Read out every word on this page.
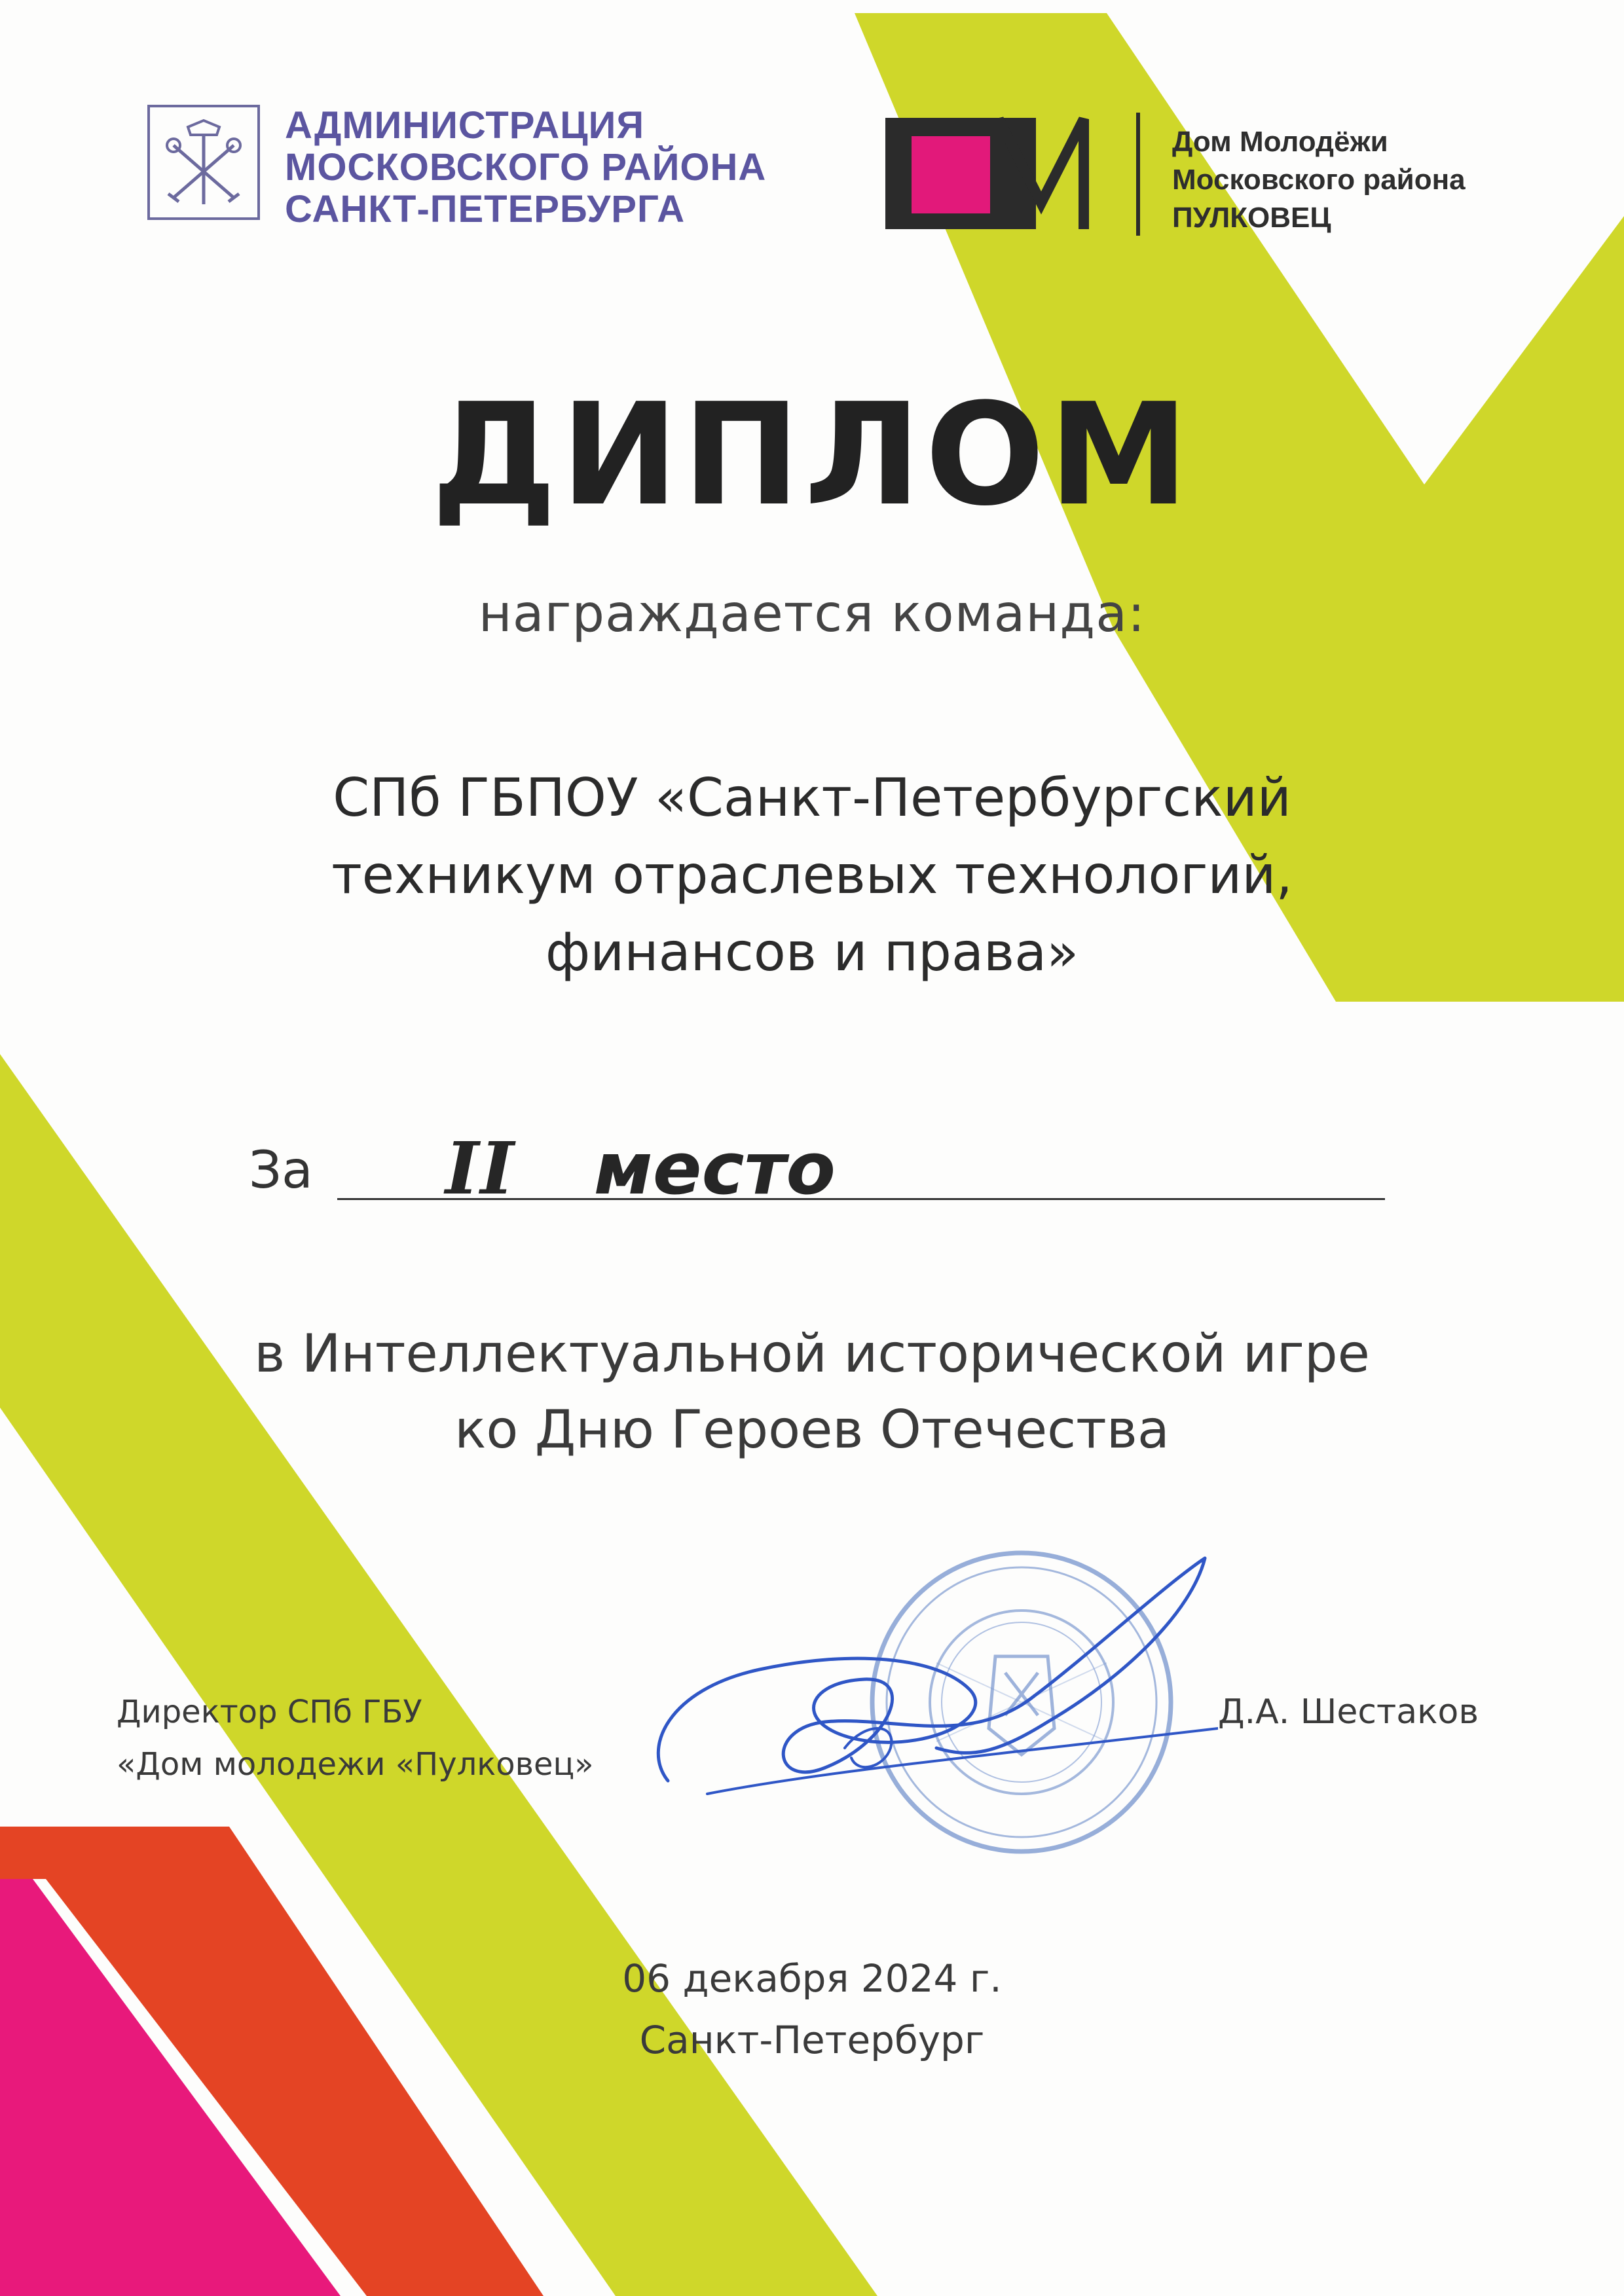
АДМИНИСТРАЦИЯ
МОСКОВСКОГО РАЙОНА
САНКТ-ПЕТЕРБУРГА
Дом Молодёжи
Московского района
ПУЛКОВЕЦ
ДИПЛОМ
награждается команда:
СПб ГБПОУ «Санкт-Петербургский
техникум отраслевых технологий,
финансов и права»
За II место
в Интеллектуальной исторической игре
ко Дню Героев Отечества
Директор СПб ГБУ
«Дом молодежи «Пулковец»
Д.А. Шестаков
06 декабря 2024 г.
Санкт-Петербург
